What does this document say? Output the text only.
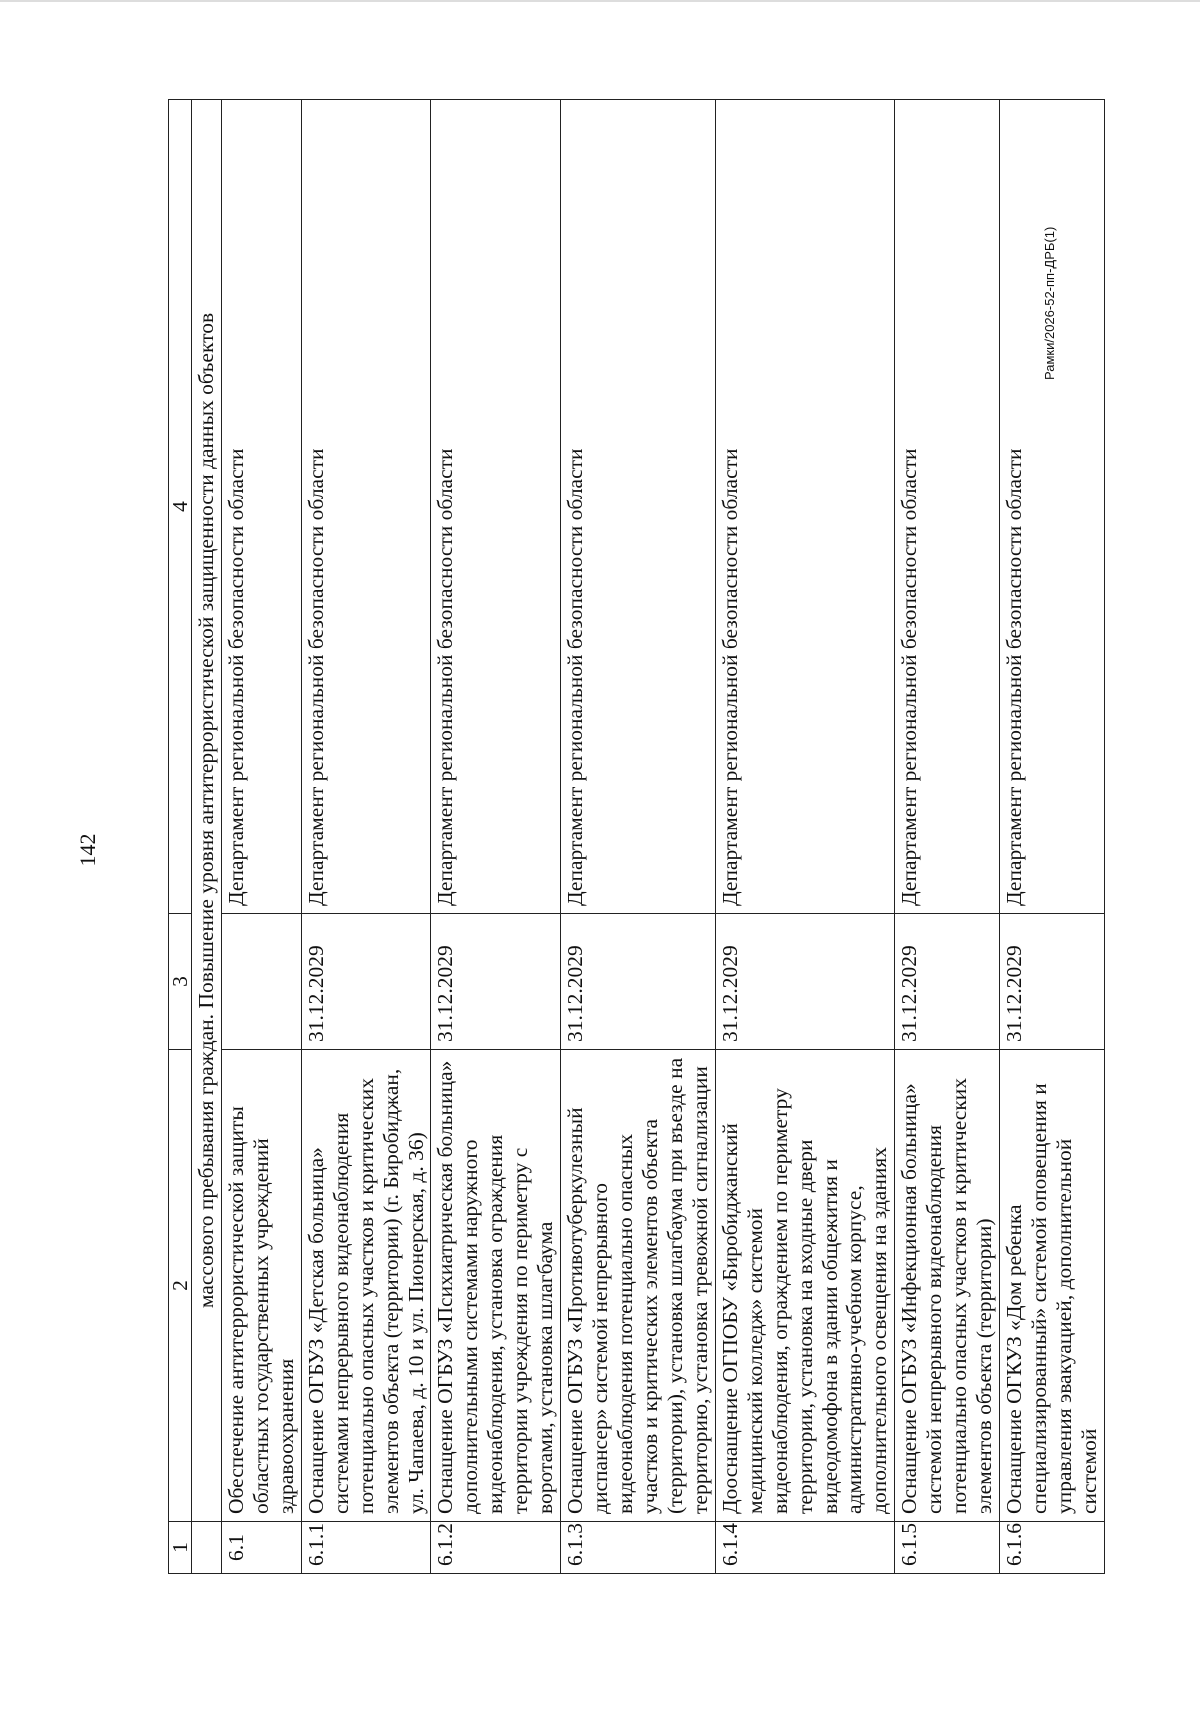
142
Рамки/2026-52-пп-ДРБ(1)
1	2	3	4
	массового пребывания граждан. Повышение уровня антитеррористической защищенности данных объектов		
6.1	Обеспечение антитеррористической защиты областных государственных учреждений здравоохранения		Департамент региональной безопасности области
6.1.1	Оснащение ОГБУЗ «Детская больница» системами непрерывного видеонаблюдения потенциально опасных участков и критических элементов объекта (территории) (г. Биробиджан, ул. Чапаева, д. 10 и ул. Пионерская, д. 36)	31.12.2029	Департамент региональной безопасности области
6.1.2	Оснащение ОГБУЗ «Психиатрическая больница» дополнительными системами наружного видеонаблюдения, установка ограждения территории учреждения по периметру с воротами, установка шлагбаума	31.12.2029	Департамент региональной безопасности области
6.1.3	Оснащение ОГБУЗ «Противотуберкулезный диспансер» системой непрерывного видеонаблюдения потенциально опасных участков и критических элементов объекта (территории), установка шлагбаума при въезде на территорию, установка тревожной сигнализации	31.12.2029	Департамент региональной безопасности области
6.1.4	Дооснащение ОГПОБУ «Биробиджанский медицинский колледж» системой видеонаблюдения, ограждением по периметру территории, установка на входные двери видеодомофона в здании общежития и административно-учебном корпусе, дополнительного освещения на зданиях	31.12.2029	Департамент региональной безопасности области
6.1.5	Оснащение ОГБУЗ «Инфекционная больница» системой непрерывного видеонаблюдения потенциально опасных участков и критических элементов объекта (территории)	31.12.2029	Департамент региональной безопасности области
6.1.6	Оснащение ОГКУЗ «Дом ребенка специализированный» системой оповещения и управления эвакуацией, дополнительной системой	31.12.2029	Департамент региональной безопасности области
